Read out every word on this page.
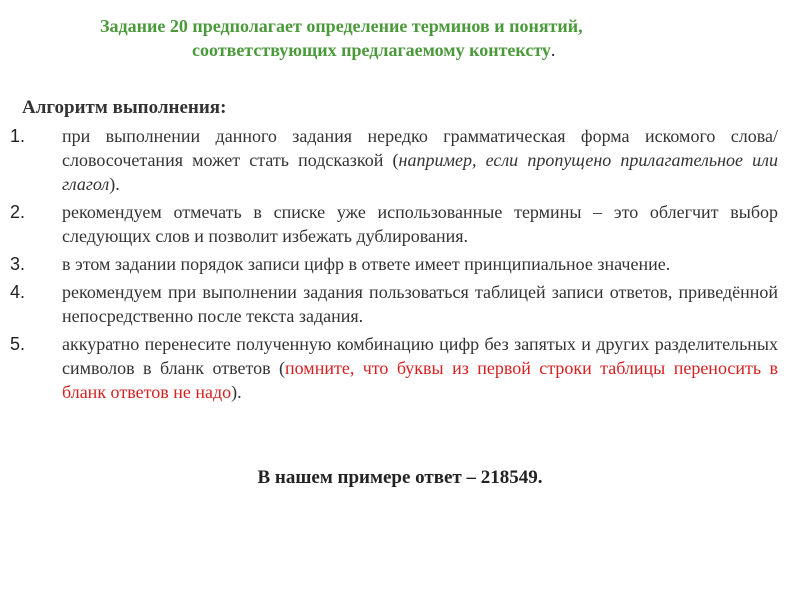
Задание 20 предполагает определение терминов и понятий,
соответствующих предлагаемому контексту.
Алгоритм выполнения:
1. при выполнении данного задания нередко грамматическая форма искомого слова/словосочетания может стать подсказкой (например, если пропущено прилагательное или глагол).
2. рекомендуем отмечать в списке уже использованные термины – это облегчит выбор следующих слов и позволит избежать дублирования.
3. в этом задании порядок записи цифр в ответе имеет принципиальное значение.
4. рекомендуем при выполнении задания пользоваться таблицей записи ответов, приведённой непосредственно после текста задания.
5. аккуратно перенесите полученную комбинацию цифр без запятых и других разделительных символов в бланк ответов (помните, что буквы из первой строки таблицы переносить в бланк ответов не надо).
В нашем примере ответ – 218549.
